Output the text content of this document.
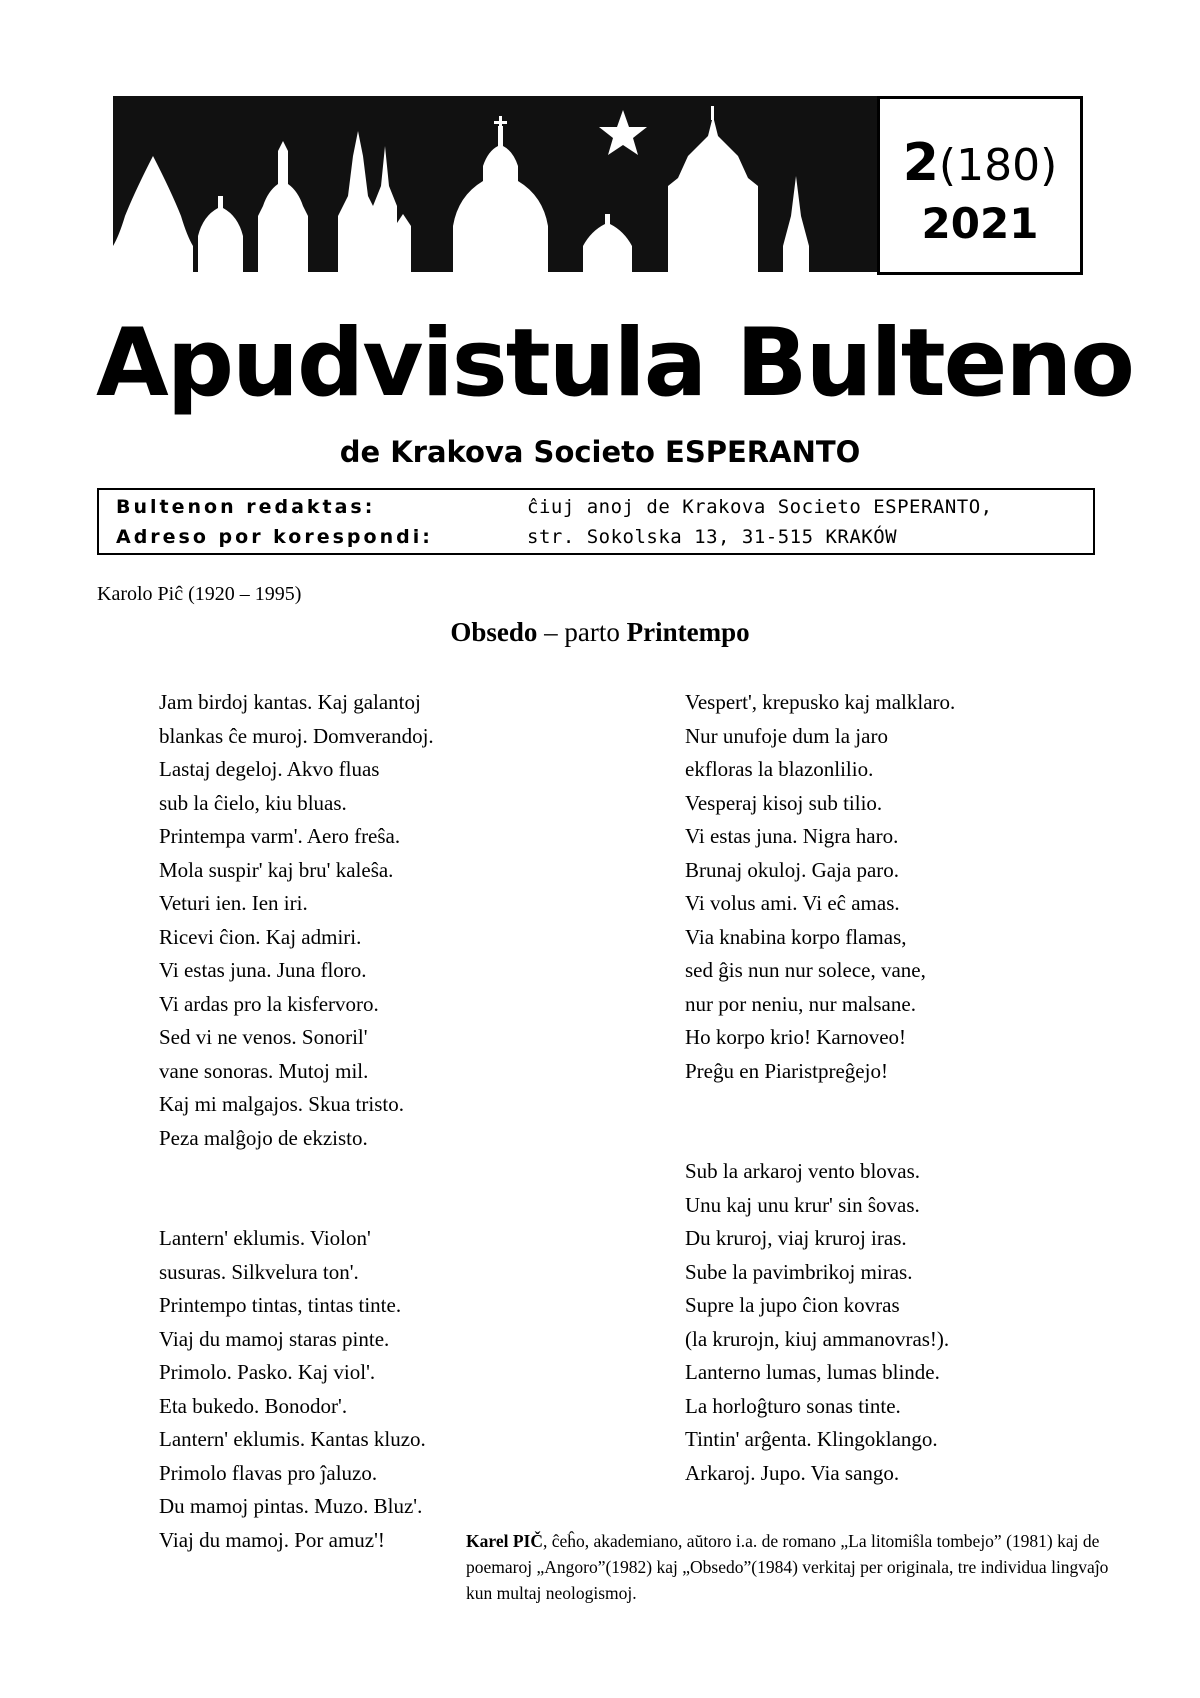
2(180)
2021
Apudvistula Bulteno
de Krakova Societo ESPERANTO
Bultenon redaktas:	ĉiuj anoj de Krakova Societo ESPERANTO,
Adreso por korespondi:	str. Sokolska 13, 31-515 KRAKÓW
Karolo Piĉ (1920 – 1995)
Obsedo – parto Printempo
Jam birdoj kantas. Kaj galantoj
blankas ĉe muroj. Domverandoj.
Lastaj degeloj. Akvo fluas
sub la ĉielo, kiu bluas.
Printempa varm'. Aero freŝa.
Mola suspir' kaj bru' kaleŝa.
Veturi ien. Ien iri.
Ricevi ĉion. Kaj admiri.
Vi estas juna. Juna floro.
Vi ardas pro la kisfervoro.
Sed vi ne venos. Sonoril'
vane sonoras. Mutoj mil.
Kaj mi malgajos. Skua tristo.
Peza malĝojo de ekzisto.
Lantern' eklumis. Violon'
susuras. Silkvelura ton'.
Printempo tintas, tintas tinte.
Viaj du mamoj staras pinte.
Primolo. Pasko. Kaj viol'.
Eta bukedo. Bonodor'.
Lantern' eklumis. Kantas kluzo.
Primolo flavas pro ĵaluzo.
Du mamoj pintas. Muzo. Bluz'.
Viaj du mamoj. Por amuz'!
Vespert', krepusko kaj malklaro.
Nur unufoje dum la jaro
ekfloras la blazonlilio.
Vesperaj kisoj sub tilio.
Vi estas juna. Nigra haro.
Brunaj okuloj. Gaja paro.
Vi volus ami. Vi eĉ amas.
Via knabina korpo flamas,
sed ĝis nun nur solece, vane,
nur por neniu, nur malsane.
Ho korpo krio! Karnoveo!
Preĝu en Piaristpreĝejo!
Sub la arkaroj vento blovas.
Unu kaj unu krur' sin ŝovas.
Du kruroj, viaj kruroj iras.
Sube la pavimbrikoj miras.
Supre la jupo ĉion kovras
(la krurojn, kiuj ammanovras!).
Lanterno lumas, lumas blinde.
La horloĝturo sonas tinte.
Tintin' arĝenta. Klingoklango.
Arkaroj. Jupo. Via sango.
Karel PIČ, ĉeĥo, akademiano, aŭtoro i.a. de romano „La litomiŝla tombejo” (1981) kaj de poemaroj „Angoro”(1982) kaj „Obsedo”(1984) verkitaj per originala, tre individua lingvaĵo kun multaj neologismoj.
